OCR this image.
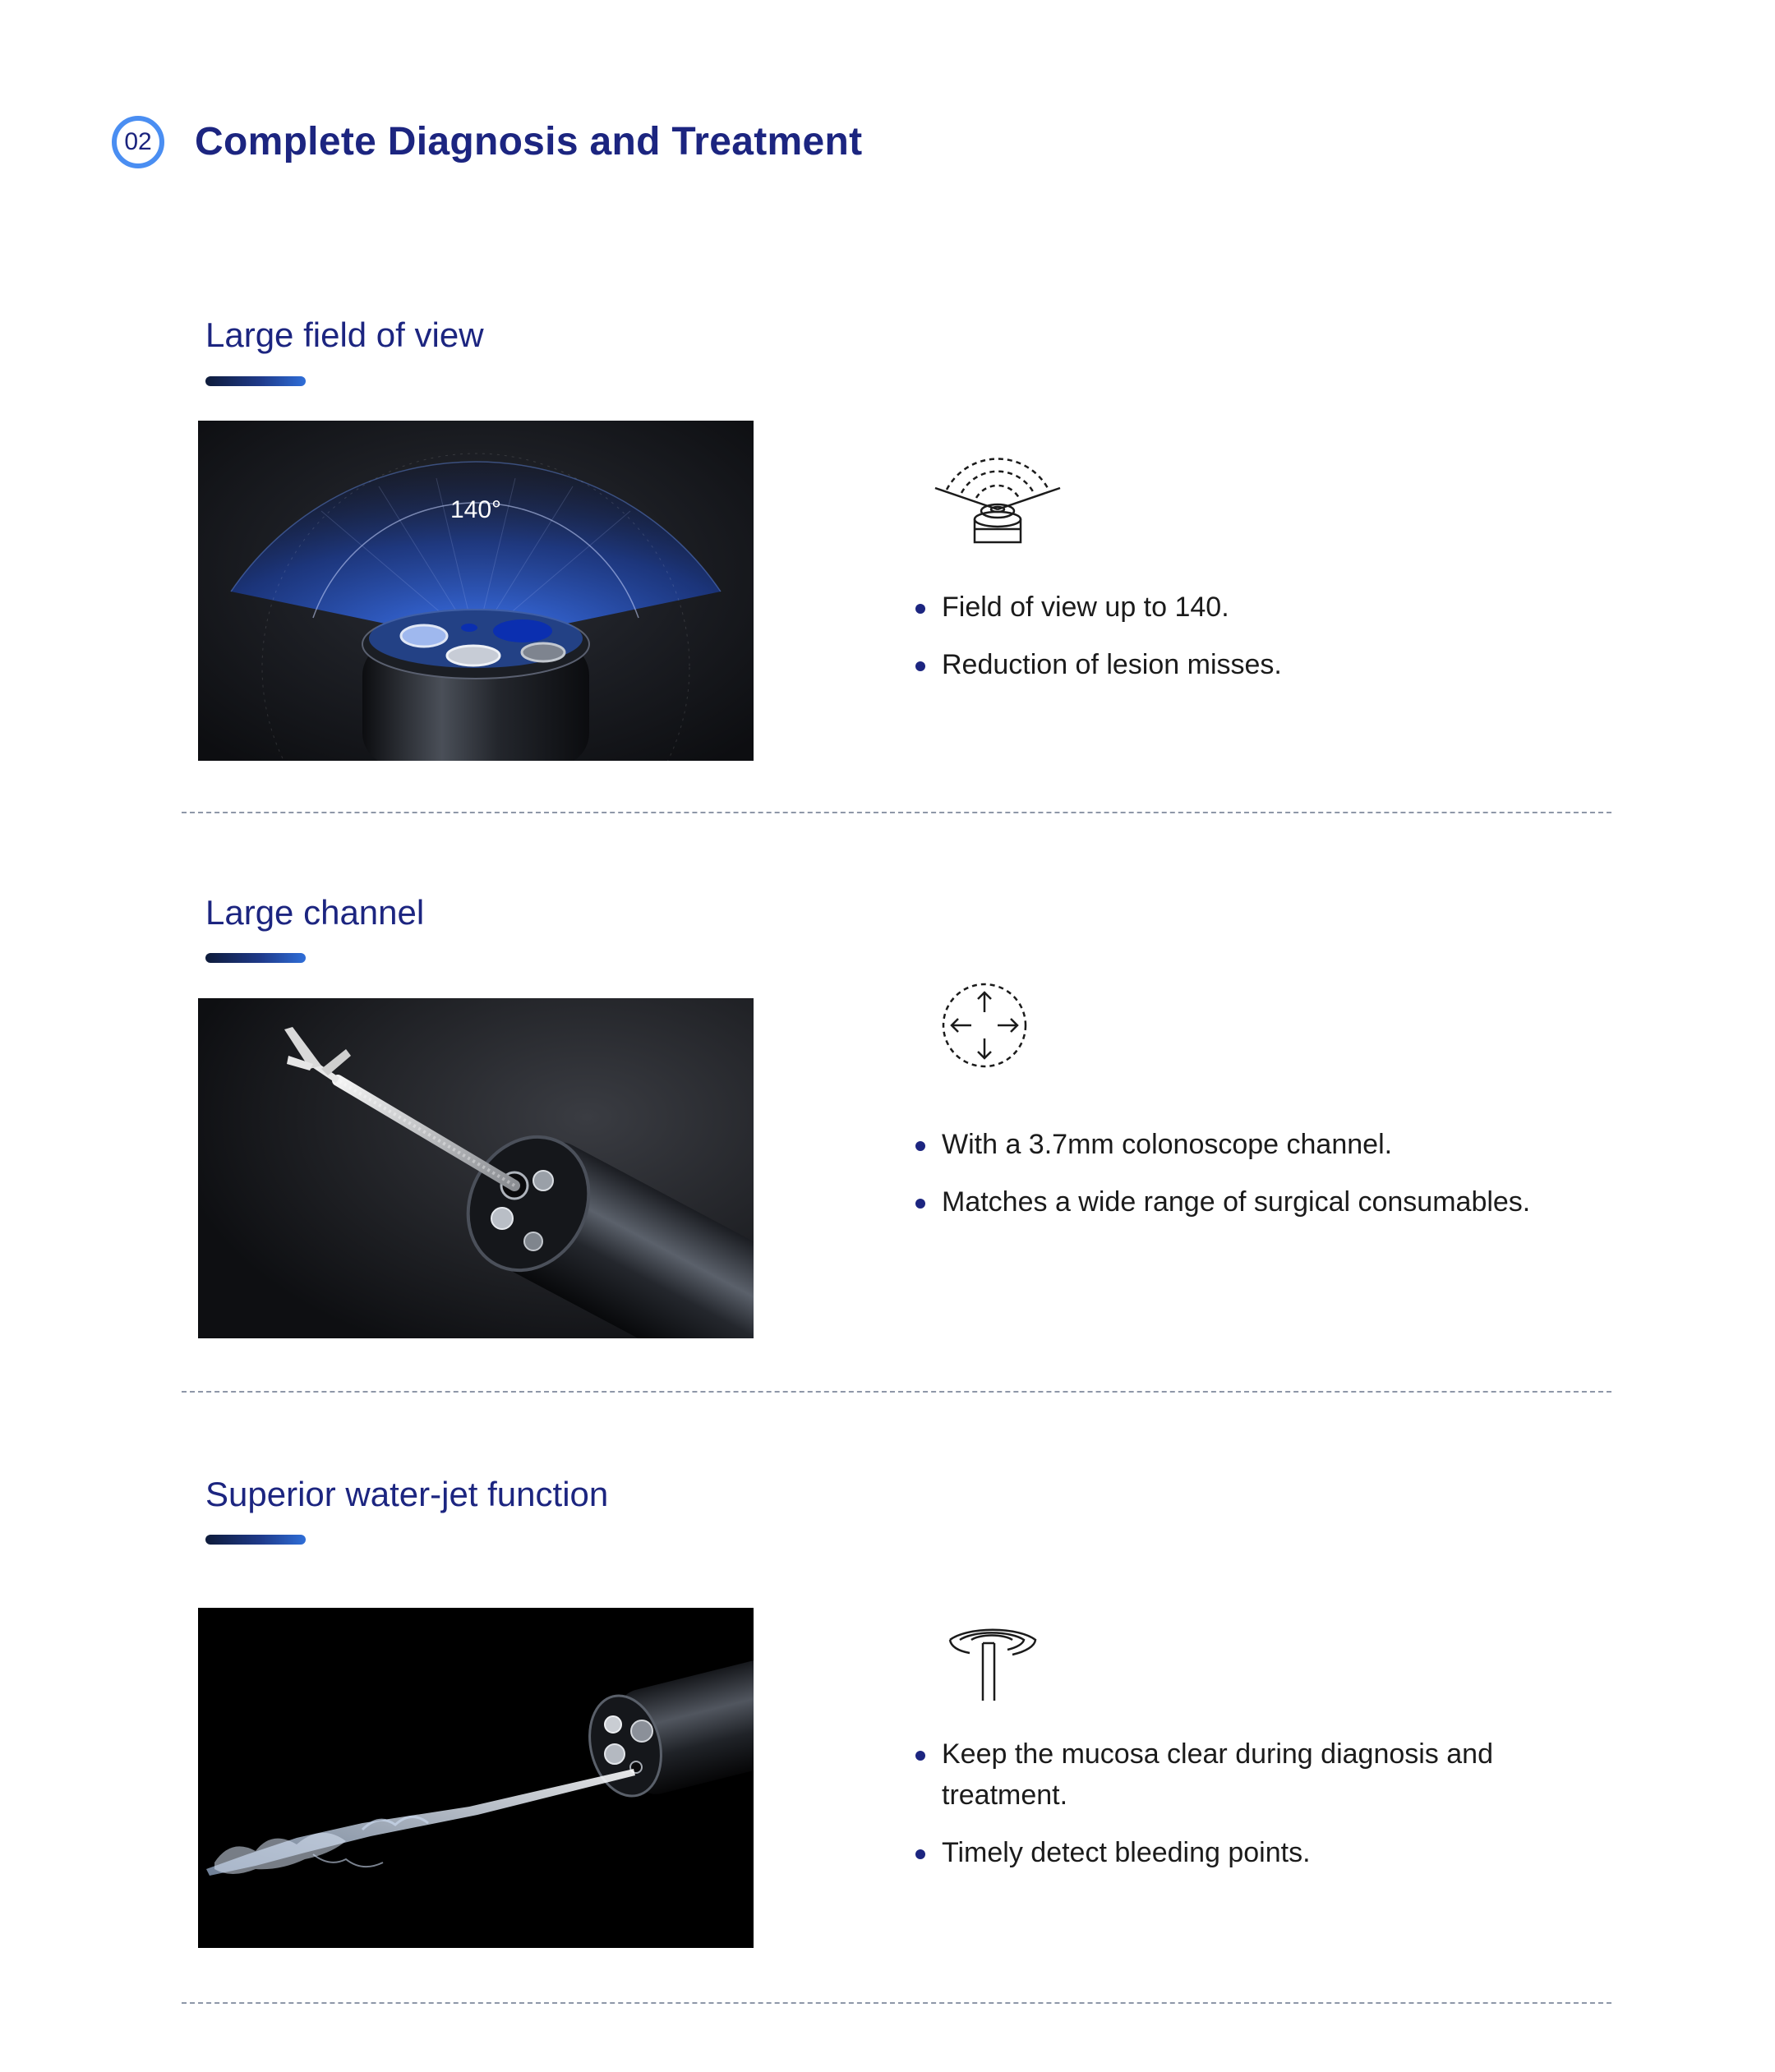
02 Complete Diagnosis and Treatment
Large field of view
140°
Field of view up to 140.
Reduction of lesion misses.
Large channel
With a 3.7mm colonoscope channel.
Matches a wide range of surgical consumables.
Superior water-jet function
Keep the mucosa clear during diagnosis and treatment.
Timely detect bleeding points.
